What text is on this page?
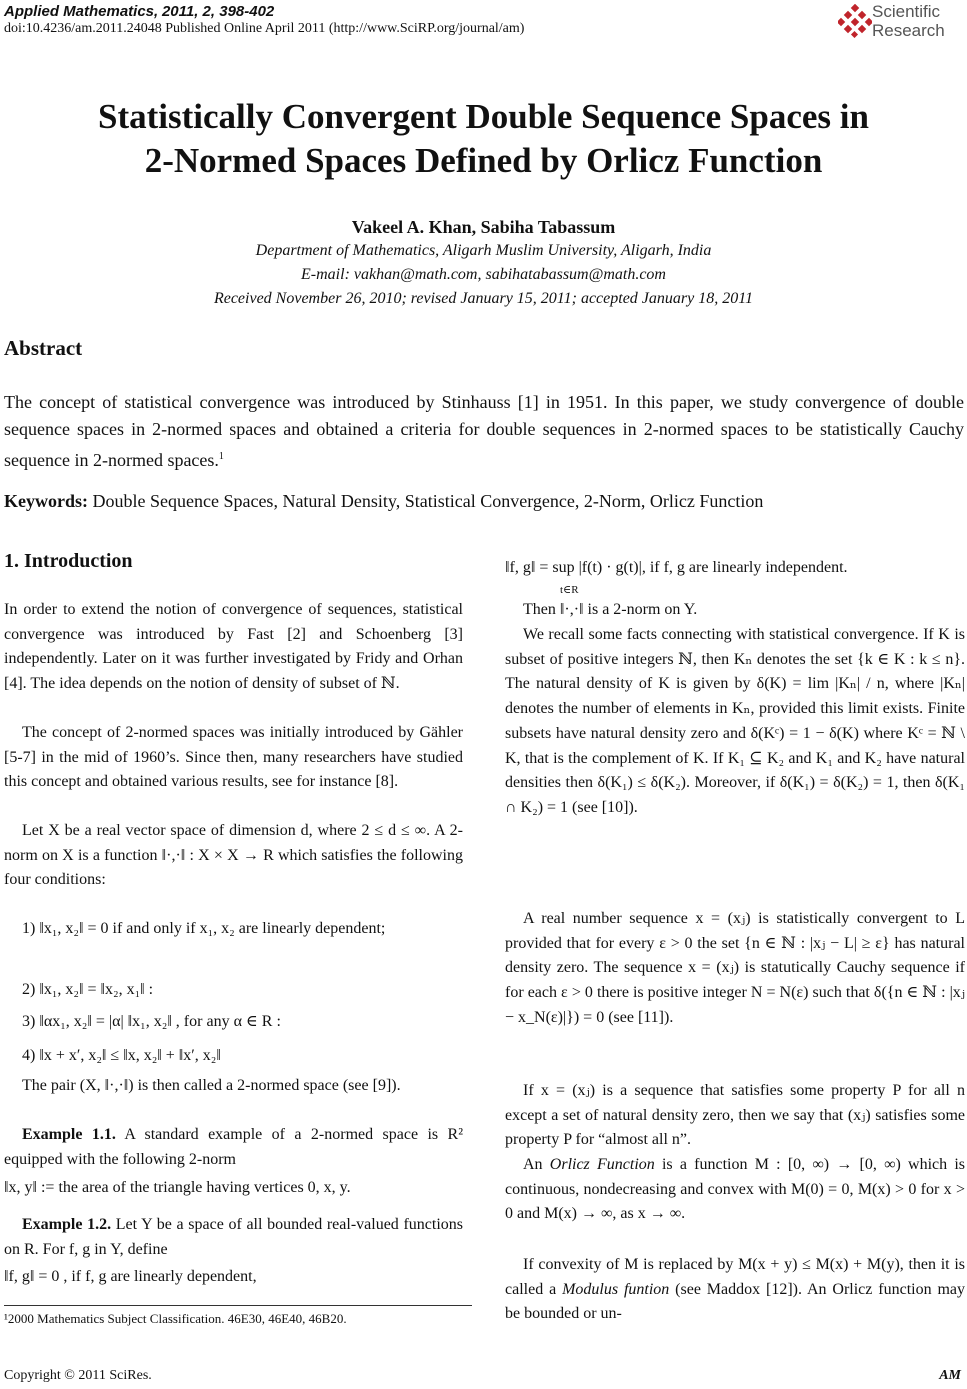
Applied Mathematics, 2011, 2, 398-402
doi:10.4236/am.2011.24048 Published Online April 2011 (http://www.SciRP.org/journal/am)
Scientific
Research
Statistically Convergent Double Sequence Spaces in
2-Normed Spaces Defined by Orlicz Function
Vakeel A. Khan, Sabiha Tabassum
Department of Mathematics, Aligarh Muslim University, Aligarh, India
E-mail: vakhan@math.com, sabihatabassum@math.com
Received November 26, 2010; revised January 15, 2011; accepted January 18, 2011
Abstract
The concept of statistical convergence was introduced by Stinhauss [1] in 1951. In this paper, we study convergence of double sequence spaces in 2-normed spaces and obtained a criteria for double sequences in 2-normed spaces to be statistically Cauchy sequence in 2-normed spaces.$^1$
Keywords: Double Sequence Spaces, Natural Density, Statistical Convergence, 2-Norm, Orlicz Function
1. Introduction
In order to extend the notion of convergence of sequences, statistical convergence was introduced by Fast [2] and Schoenberg [3] independently. Later on it was further investigated by Fridy and Orhan [4]. The idea depends on the notion of density of subset of ℕ.
The concept of 2-normed spaces was initially introduced by Gähler [5-7] in the mid of 1960’s. Since then, many researchers have studied this concept and obtained various results, see for instance [8].
Let X be a real vector space of dimension d, where 2 ≤ d ≤ ∞. A 2-norm on X is a function ‖·,·‖ : X × X → R which satisfies the following four conditions:
1) ‖x₁, x₂‖ = 0 if and only if x₁, x₂ are linearly dependent;
2) ‖x₁, x₂‖ = ‖x₂, x₁‖ :
3) ‖αx₁, x₂‖ = |α| ‖x₁, x₂‖ , for any α ∈ R :
4) ‖x + x′, x₂‖ ≤ ‖x, x₂‖ + ‖x′, x₂‖
The pair (X, ‖·,·‖) is then called a 2-normed space (see [9]).
Example 1.1. A standard example of a 2-normed space is R² equipped with the following 2-norm
‖x, y‖ := the area of the triangle having vertices 0, x, y.
Example 1.2. Let Y be a space of all bounded real-valued functions on R. For f, g in Y, define
‖f, g‖ = 0 , if f, g are linearly dependent,
‖f, g‖ = sup |f(t) · g(t)|, if f, g are linearly independent.
t∈R
Then ‖·,·‖ is a 2-norm on Y.
We recall some facts connecting with statistical convergence. If K is subset of positive integers ℕ, then Kₙ denotes the set {k ∈ K : k ≤ n}. The natural density of K is given by δ(K) = lim |Kₙ| / n, where |Kₙ| denotes the number of elements in Kₙ, provided this limit exists. Finite subsets have natural density zero and δ(Kᶜ) = 1 − δ(K) where Kᶜ = ℕ \ K, that is the complement of K. If K₁ ⊆ K₂ and K₁ and K₂ have natural densities then δ(K₁) ≤ δ(K₂). Moreover, if δ(K₁) = δ(K₂) = 1, then δ(K₁ ∩ K₂) = 1 (see [10]).
A real number sequence x = (xⱼ) is statistically convergent to L provided that for every ε > 0 the set {n ∈ ℕ : |xⱼ − L| ≥ ε} has natural density zero. The sequence x = (xⱼ) is statutically Cauchy sequence if for each ε > 0 there is positive integer N = N(ε) such that δ({n ∈ ℕ : |xⱼ − x_N(ε)|}) = 0 (see [11]).
If x = (xⱼ) is a sequence that satisfies some property P for all n except a set of natural density zero, then we say that (xⱼ) satisfies some property P for “almost all n”.
An Orlicz Function is a function M : [0, ∞) → [0, ∞) which is continuous, nondecreasing and convex with M(0) = 0, M(x) > 0 for x > 0 and M(x) → ∞, as x → ∞.
If convexity of M is replaced by M(x + y) ≤ M(x) + M(y), then it is called a Modulus funtion (see Maddox [12]). An Orlicz function may be bounded or un-
¹2000 Mathematics Subject Classification. 46E30, 46E40, 46B20.
Copyright © 2011 SciRes.	AM
